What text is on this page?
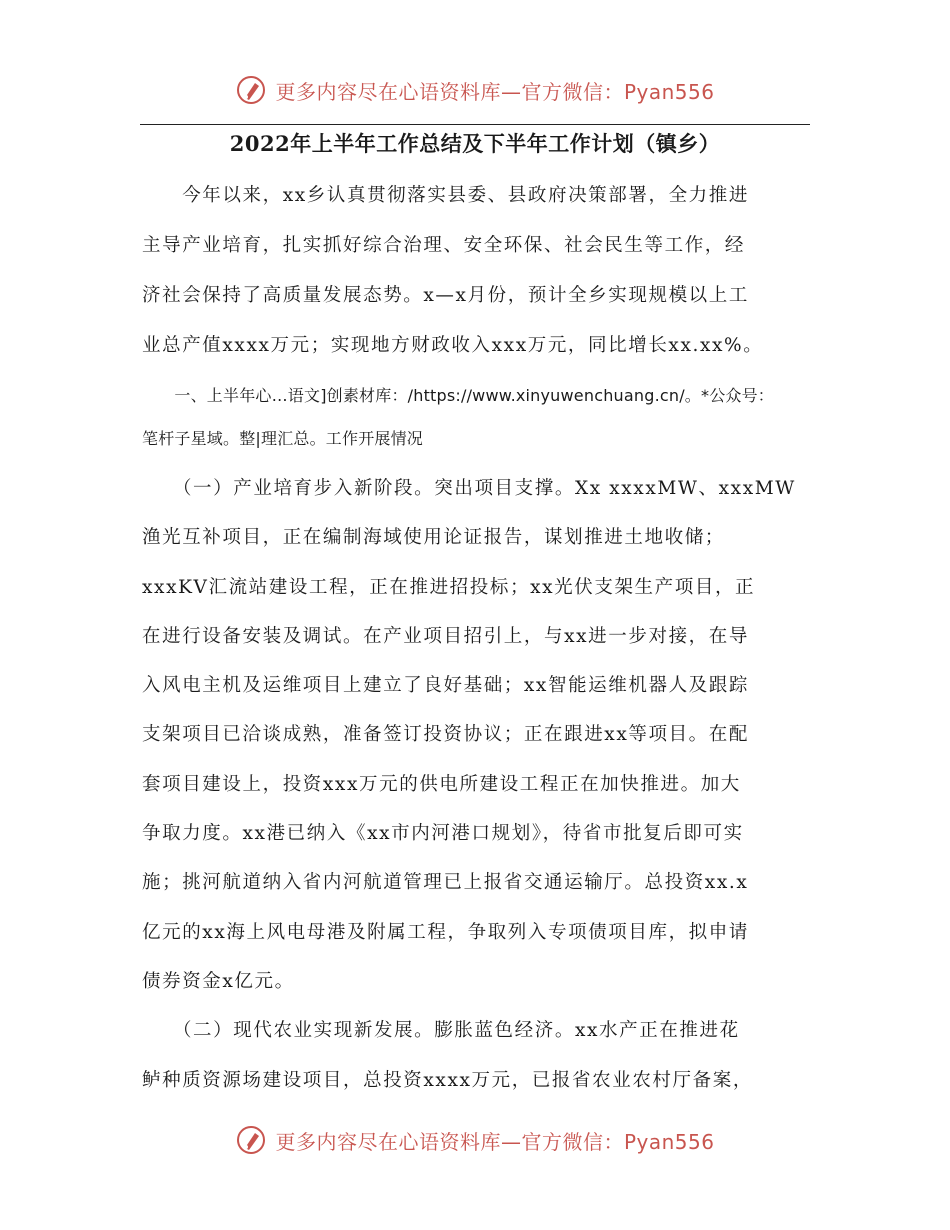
更多内容尽在心语资料库—官方微信：Pyan556
2022年上半年工作总结及下半年工作计划（镇乡）
　　今年以来，xx乡认真贯彻落实县委、县政府决策部署，全力推进
主导产业培育，扎实抓好综合治理、安全环保、社会民生等工作，经
济社会保持了高质量发展态势。x—x月份，预计全乡实现规模以上工
业总产值xxxx万元；实现地方财政收入xxx万元，同比增长xx.xx%。
　　一、上半年心…语文]创素材库：/https://www.xinyuwenchuang.cn/。*公众号：
笔杆子星域。整|理汇总。工作开展情况
　　（一）产业培育步入新阶段。突出项目支撑。Xx xxxxMW、xxxMW
渔光互补项目，正在编制海域使用论证报告，谋划推进土地收储；
xxxKV汇流站建设工程，正在推进招投标；xx光伏支架生产项目，正
在进行设备安装及调试。在产业项目招引上，与xx进一步对接，在导
入风电主机及运维项目上建立了良好基础；xx智能运维机器人及跟踪
支架项目已洽谈成熟，准备签订投资协议；正在跟进xx等项目。在配
套项目建设上，投资xxx万元的供电所建设工程正在加快推进。加大
争取力度。xx港已纳入《xx市内河港口规划》，待省市批复后即可实
施；挑河航道纳入省内河航道管理已上报省交通运输厅。总投资xx.x
亿元的xx海上风电母港及附属工程，争取列入专项债项目库，拟申请
债券资金x亿元。
　　（二）现代农业实现新发展。膨胀蓝色经济。xx水产正在推进花
鲈种质资源场建设项目，总投资xxxx万元，已报省农业农村厅备案，
更多内容尽在心语资料库—官方微信：Pyan556
